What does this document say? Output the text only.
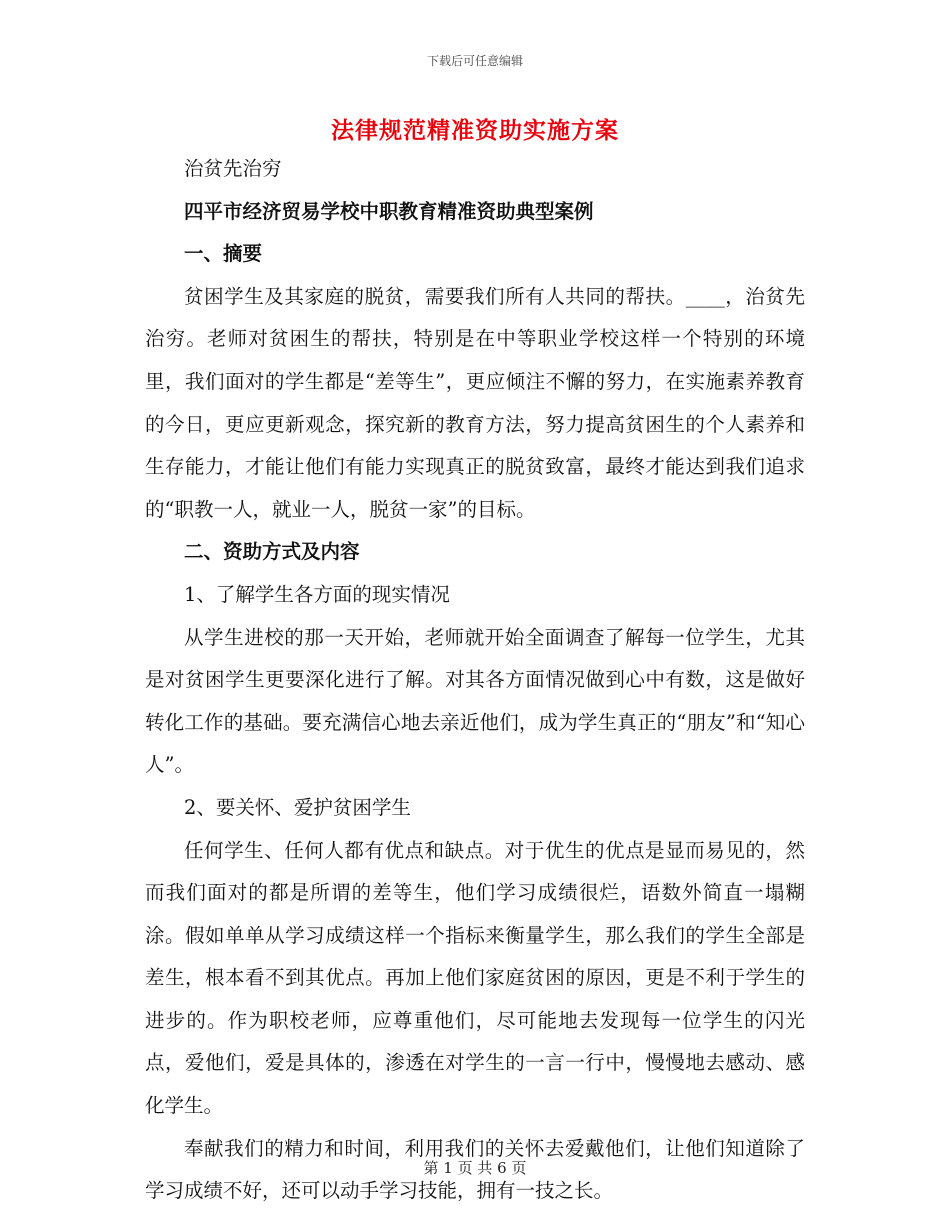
下载后可任意编辑
法律规范精准资助实施方案

治贫先治穷

四平市经济贸易学校中职教育精准资助典型案例

一、摘要

贫困学生及其家庭的脱贫，需要我们所有人共同的帮扶。____，治贫先治穷。老师对贫困生的帮扶，特别是在中等职业学校这样一个特别的环境里，我们面对的学生都是“差等生”，更应倾注不懈的努力，在实施素养教育的今日，更应更新观念，探究新的教育方法，努力提高贫困生的个人素养和生存能力，才能让他们有能力实现真正的脱贫致富，最终才能达到我们追求的“职教一人，就业一人，脱贫一家”的目标。

二、资助方式及内容

1、了解学生各方面的现实情况

从学生进校的那一天开始，老师就开始全面调查了解每一位学生，尤其是对贫困学生更要深化进行了解。对其各方面情况做到心中有数，这是做好转化工作的基础。要充满信心地去亲近他们，成为学生真正的“朋友”和“知心人”。

2、要关怀、爱护贫困学生

任何学生、任何人都有优点和缺点。对于优生的优点是显而易见的，然而我们面对的都是所谓的差等生，他们学习成绩很烂，语数外简直一塌糊涂。假如单单从学习成绩这样一个指标来衡量学生，那么我们的学生全部是差生，根本看不到其优点。再加上他们家庭贫困的原因，更是不利于学生的进步的。作为职校老师，应尊重他们，尽可能地去发现每一位学生的闪光点，爱他们，爱是具体的，渗透在对学生的一言一行中，慢慢地去感动、感化学生。

奉献我们的精力和时间，利用我们的关怀去爱戴他们，让他们知道除了学习成绩不好，还可以动手学习技能，拥有一技之长。

第 1 页 共 6 页
